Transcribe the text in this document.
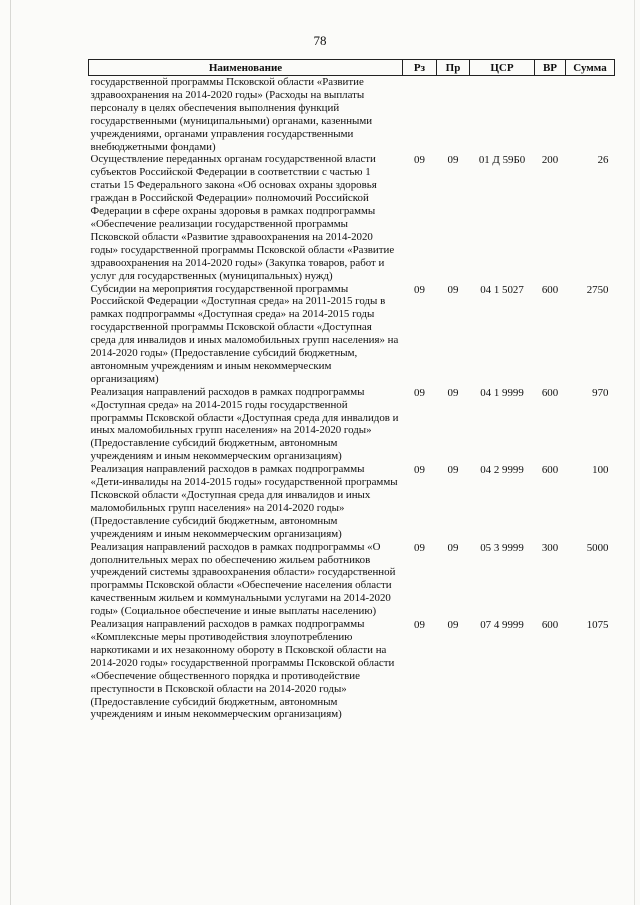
78
Наименование	Рз	Пр	ЦСР	ВР	Сумма
государственной программы Псковской области «Развитие здравоохранения на 2014-2020 годы» (Расходы на выплаты персоналу в целях обеспечения выполнения функций государственными (муниципальными) органами, казенными учреждениями, органами управления государственными внебюджетными фондами)					
Осуществление переданных органам государственной власти субъектов Российской Федерации в соответствии с частью 1 статьи 15 Федерального закона «Об основах охраны здоровья граждан в Российской Федерации» полномочий Российской Федерации в сфере охраны здоровья в рамках подпрограммы «Обеспечение реализации государственной программы Псковской области «Развитие здравоохранения на 2014-2020 годы» государственной программы Псковской области «Развитие здравоохранения на 2014-2020 годы» (Закупка товаров, работ и услуг для государственных (муниципальных) нужд)	09	09	01 Д 59Б0	200	26
Субсидии на мероприятия государственной программы Российской Федерации «Доступная среда» на 2011-2015 годы в рамках подпрограммы «Доступная среда» на 2014-2015 годы государственной программы Псковской области «Доступная среда для инвалидов и иных маломобильных групп населения» на 2014-2020 годы» (Предоставление субсидий бюджетным, автономным учреждениям и иным некоммерческим организациям)	09	09	04 1 5027	600	2750
Реализация направлений расходов в рамках подпрограммы «Доступная среда» на 2014-2015 годы государственной программы Псковской области «Доступная среда для инвалидов и иных маломобильных групп населения» на 2014-2020 годы» (Предоставление субсидий бюджетным, автономным учреждениям и иным некоммерческим организациям)	09	09	04 1 9999	600	970
Реализация направлений расходов в рамках подпрограммы «Дети-инвалиды на 2014-2015 годы» государственной программы Псковской области «Доступная среда для инвалидов и иных маломобильных групп населения» на 2014-2020 годы» (Предоставление субсидий бюджетным, автономным учреждениям и иным некоммерческим организациям)	09	09	04 2 9999	600	100
Реализация направлений расходов в рамках подпрограммы «О дополнительных мерах по обеспечению жильем работников учреждений системы здравоохранения области» государственной программы Псковской области «Обеспечение населения области качественным жильем и коммунальными услугами на 2014-2020 годы» (Социальное обеспечение и иные выплаты населению)	09	09	05 3 9999	300	5000
Реализация направлений расходов в рамках подпрограммы «Комплексные меры противодействия злоупотреблению наркотиками и их незаконному обороту в Псковской области на 2014-2020 годы» государственной программы Псковской области «Обеспечение общественного порядка и противодействие преступности в Псковской области на 2014-2020 годы» (Предоставление субсидий бюджетным, автономным учреждениям и иным некоммерческим организациям)	09	09	07 4 9999	600	1075
